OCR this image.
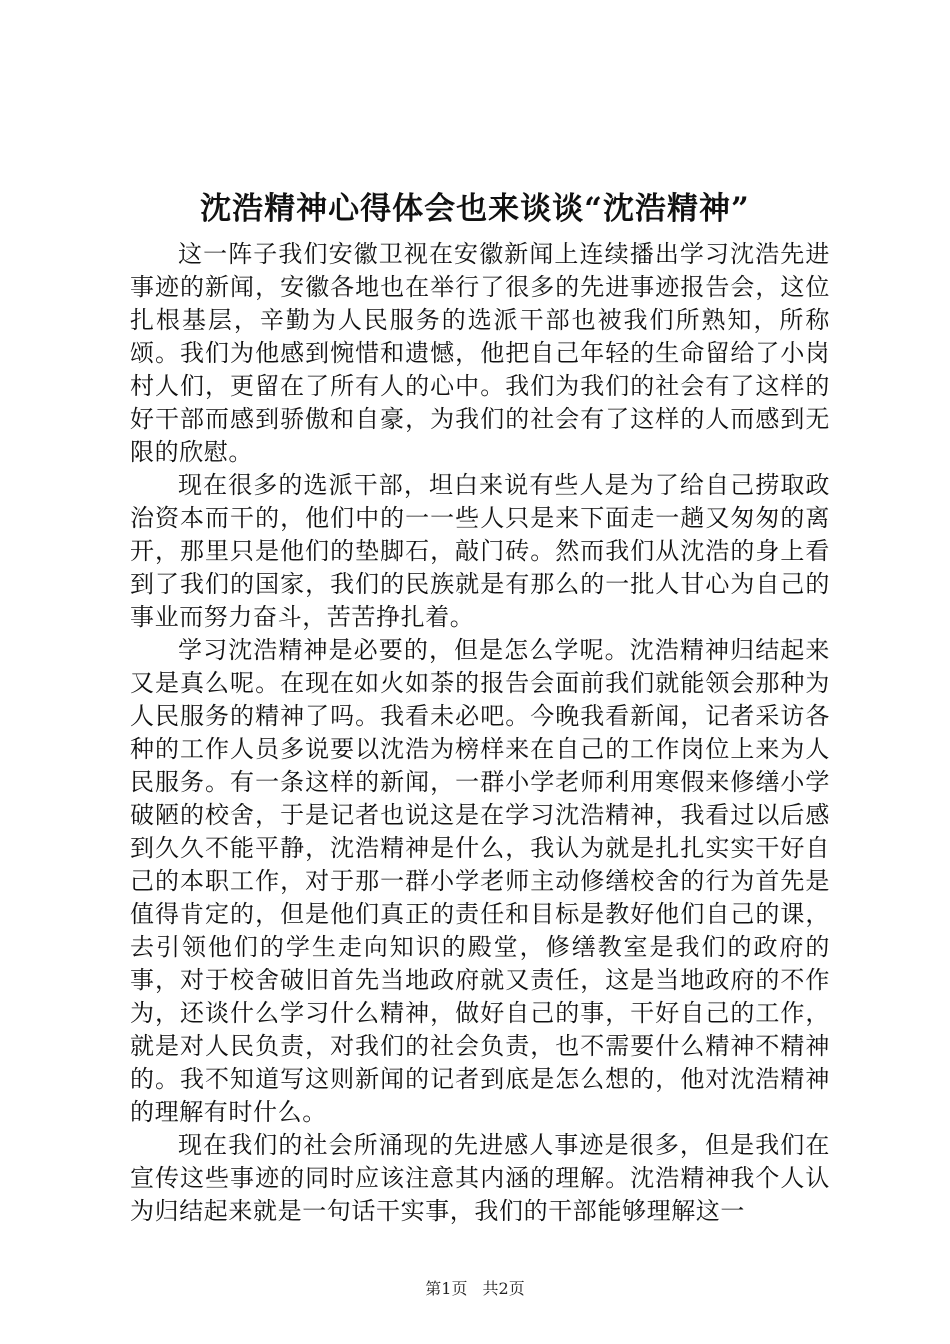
沈浩精神心得体会也来谈谈“沈浩精神”

这一阵子我们安徽卫视在安徽新闻上连续播出学习沈浩先进事迹的新闻，安徽各地也在举行了很多的先进事迹报告会，这位扎根基层，辛勤为人民服务的选派干部也被我们所熟知，所称颂。我们为他感到惋惜和遗憾，他把自己年轻的生命留给了小岗村人们，更留在了所有人的心中。我们为我们的社会有了这样的好干部而感到骄傲和自豪，为我们的社会有了这样的人而感到无限的欣慰。

现在很多的选派干部，坦白来说有些人是为了给自己捞取政治资本而干的，他们中的一一些人只是来下面走一趟又匆匆的离开，那里只是他们的垫脚石，敲门砖。然而我们从沈浩的身上看到了我们的国家，我们的民族就是有那么的一批人甘心为自己的事业而努力奋斗，苦苦挣扎着。

学习沈浩精神是必要的，但是怎么学呢。沈浩精神归结起来又是真么呢。在现在如火如荼的报告会面前我们就能领会那种为人民服务的精神了吗。我看未必吧。今晚我看新闻，记者采访各种的工作人员多说要以沈浩为榜样来在自己的工作岗位上来为人民服务。有一条这样的新闻，一群小学老师利用寒假来修缮小学破陋的校舍，于是记者也说这是在学习沈浩精神，我看过以后感到久久不能平静，沈浩精神是什么，我认为就是扎扎实实干好自己的本职工作，对于那一群小学老师主动修缮校舍的行为首先是值得肯定的，但是他们真正的责任和目标是教好他们自己的课，去引领他们的学生走向知识的殿堂，修缮教室是我们的政府的事，对于校舍破旧首先当地政府就又责任，这是当地政府的不作为，还谈什么学习什么精神，做好自己的事，干好自己的工作，就是对人民负责，对我们的社会负责，也不需要什么精神不精神的。我不知道写这则新闻的记者到底是怎么想的，他对沈浩精神的理解有时什么。

现在我们的社会所涌现的先进感人事迹是很多，但是我们在宣传这些事迹的同时应该注意其内涵的理解。沈浩精神我个人认为归结起来就是一句话干实事，我们的干部能够理解这一

第1页 共2页
